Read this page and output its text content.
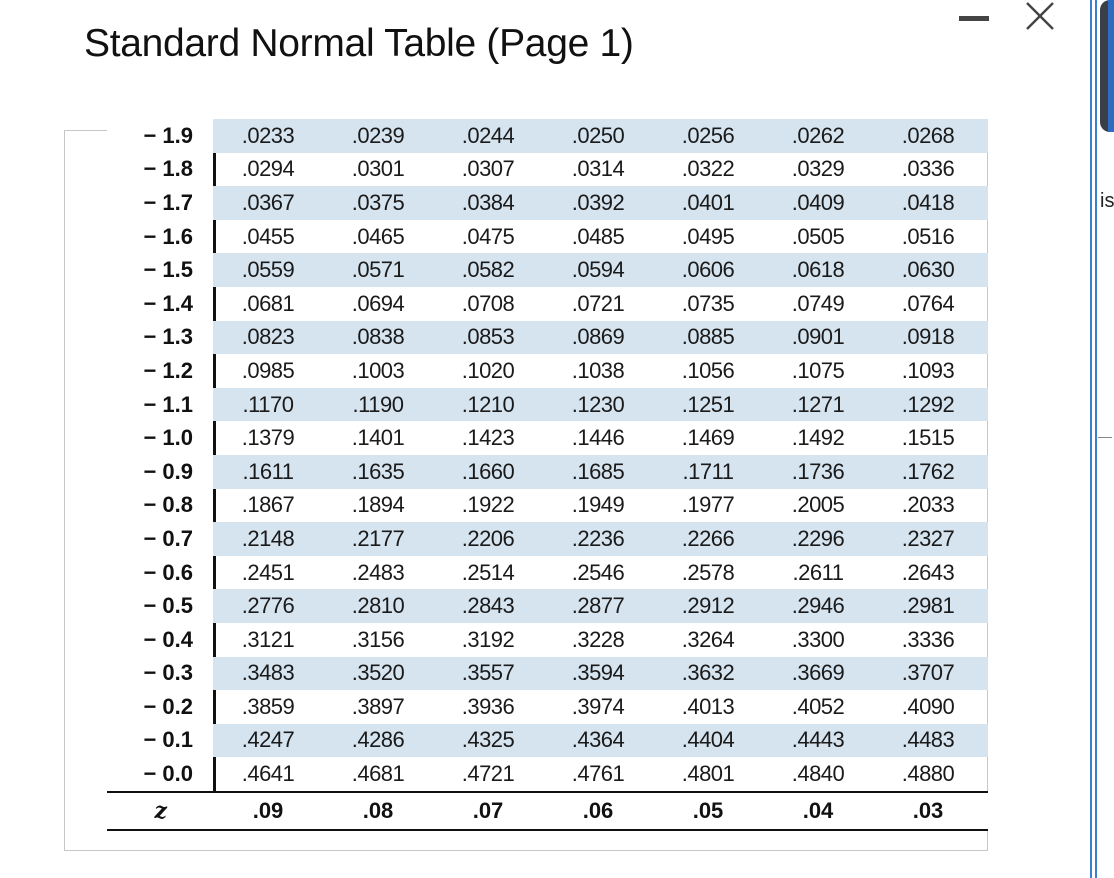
Standard Normal Table (Page 1)
is
− 1.9	.0233	.0239	.0244	.0250	.0256	.0262	.0268
− 1.8	.0294	.0301	.0307	.0314	.0322	.0329	.0336
− 1.7	.0367	.0375	.0384	.0392	.0401	.0409	.0418
− 1.6	.0455	.0465	.0475	.0485	.0495	.0505	.0516
− 1.5	.0559	.0571	.0582	.0594	.0606	.0618	.0630
− 1.4	.0681	.0694	.0708	.0721	.0735	.0749	.0764
− 1.3	.0823	.0838	.0853	.0869	.0885	.0901	.0918
− 1.2	.0985	.1003	.1020	.1038	.1056	.1075	.1093
− 1.1	.1170	.1190	.1210	.1230	.1251	.1271	.1292
− 1.0	.1379	.1401	.1423	.1446	.1469	.1492	.1515
− 0.9	.1611	.1635	.1660	.1685	.1711	.1736	.1762
− 0.8	.1867	.1894	.1922	.1949	.1977	.2005	.2033
− 0.7	.2148	.2177	.2206	.2236	.2266	.2296	.2327
− 0.6	.2451	.2483	.2514	.2546	.2578	.2611	.2643
− 0.5	.2776	.2810	.2843	.2877	.2912	.2946	.2981
− 0.4	.3121	.3156	.3192	.3228	.3264	.3300	.3336
− 0.3	.3483	.3520	.3557	.3594	.3632	.3669	.3707
− 0.2	.3859	.3897	.3936	.3974	.4013	.4052	.4090
− 0.1	.4247	.4286	.4325	.4364	.4404	.4443	.4483
− 0.0	.4641	.4681	.4721	.4761	.4801	.4840	.4880
z	.09	.08	.07	.06	.05	.04	.03
